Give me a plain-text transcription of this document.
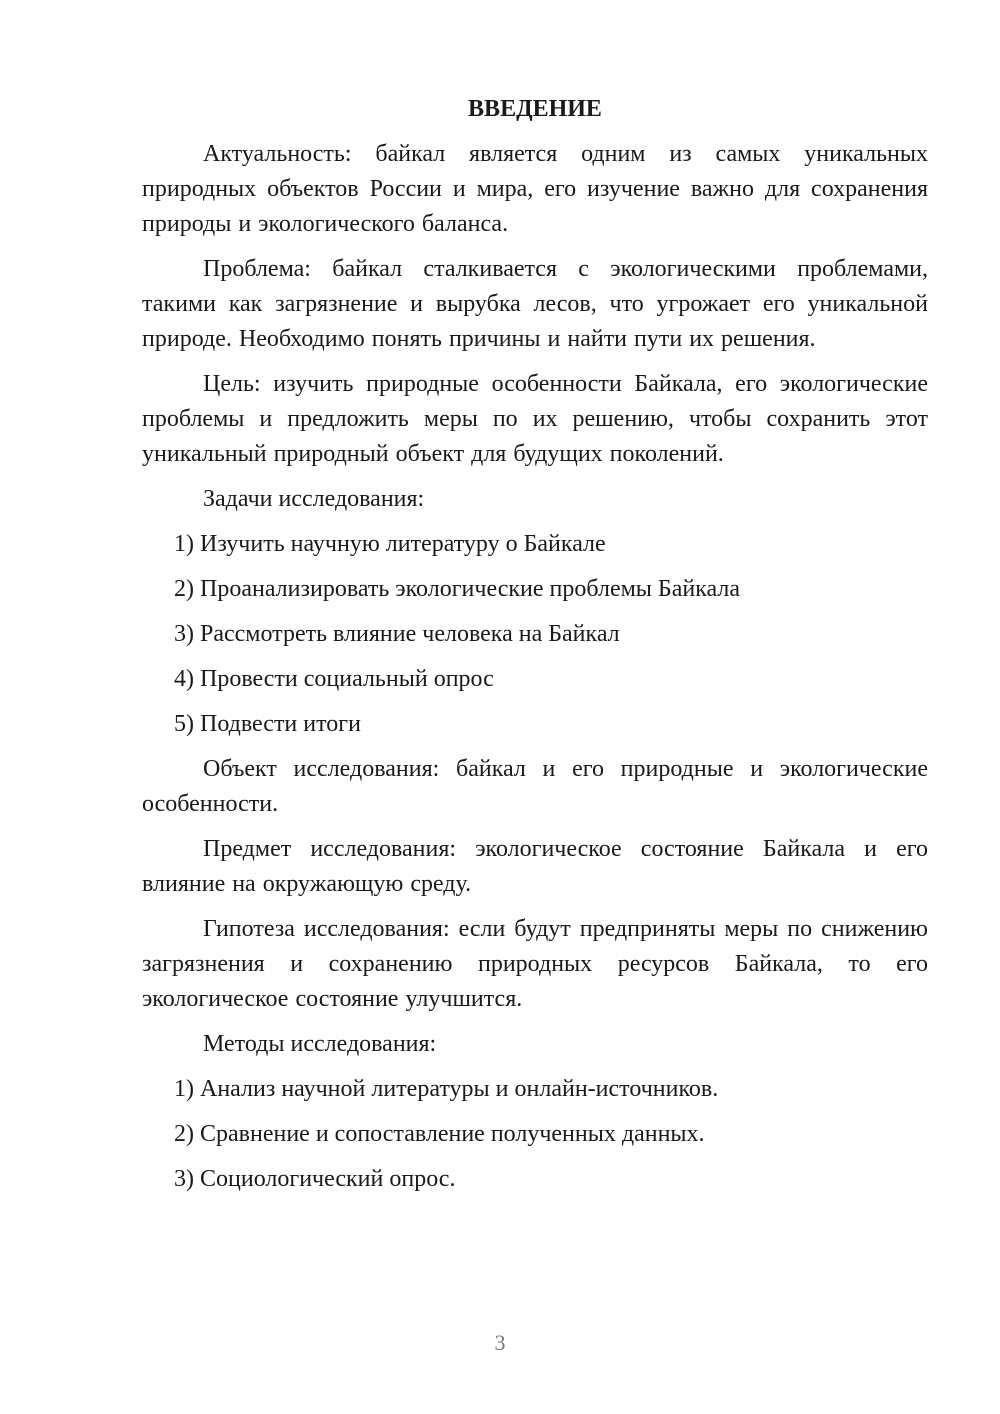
ВВЕДЕНИЕ

Актуальность: байкал является одним из самых уникальных природных объектов России и мира, его изучение важно для сохранения природы и экологического баланса.

Проблема: байкал сталкивается с экологическими проблемами, такими как загрязнение и вырубка лесов, что угрожает его уникальной природе. Необходимо понять причины и найти пути их решения.

Цель: изучить природные особенности Байкала, его экологические проблемы и предложить меры по их решению, чтобы сохранить этот уникальный природный объект для будущих поколений.

Задачи исследования:

1) Изучить научную литературу о Байкале

2) Проанализировать экологические проблемы Байкала

3) Рассмотреть влияние человека на Байкал

4) Провести социальный опрос

5) Подвести итоги

Объект исследования: байкал и его природные и экологические особенности.

Предмет исследования: экологическое состояние Байкала и его влияние на окружающую среду.

Гипотеза исследования: если будут предприняты меры по снижению загрязнения и сохранению природных ресурсов Байкала, то его экологическое состояние улучшится.

Методы исследования:

1) Анализ научной литературы и онлайн-источников.

2) Сравнение и сопоставление полученных данных.

3) Социологический опрос.

3
